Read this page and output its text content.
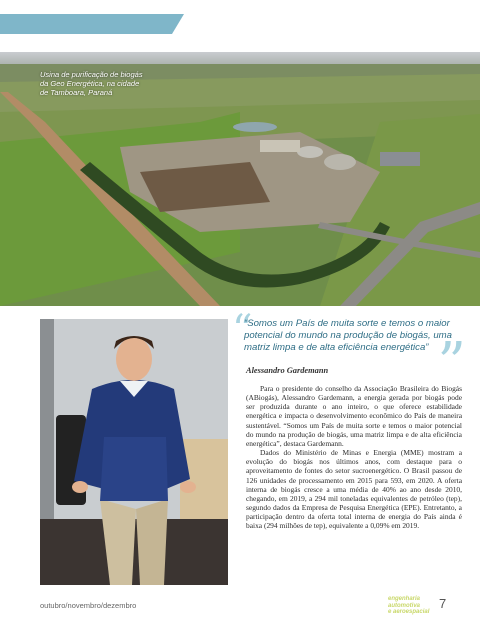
Usina de purificação de biogás da Geo Energética, na cidade de Tamboara, Paraná
“
”

“Somos um País de muita sorte e temos o maior potencial do mundo na produção de biogás, uma matriz limpa e de alta eficiência energética”

Alessandro Gardemann

Para o presidente do conselho da Associação Brasileira do Biogás (ABiogás), Alessandro Gardemann, a energia gerada por biogás pode ser produzida durante o ano inteiro, o que oferece estabilidade energética e impacta o desenvolvimento econômico do País de maneira sustentável. “Somos um País de muita sorte e temos o maior potencial do mundo na produção de biogás, uma matriz limpa e de alta eficiência energética”, destaca Gardemann.

Dados do Ministério de Minas e Energia (MME) mostram a evolução do biogás nos últimos anos, com destaque para o aproveitamento de fontes do setor sucroenergético. O Brasil passou de 126 unidades de processamento em 2015 para 593, em 2020. A oferta interna de biogás cresce a uma média de 40% ao ano desde 2010, chegando, em 2019, a 294 mil toneladas equivalentes de petróleo (tep), segundo dados da Empresa de Pesquisa Energética (EPE). Entretanto, a participação dentro da oferta total interna de energia do País ainda é baixa (294 milhões de tep), equivalente a 0,09% em 2019.

outubro/novembro/dezembro
engenharia
automotiva
e aeroespacial
7
